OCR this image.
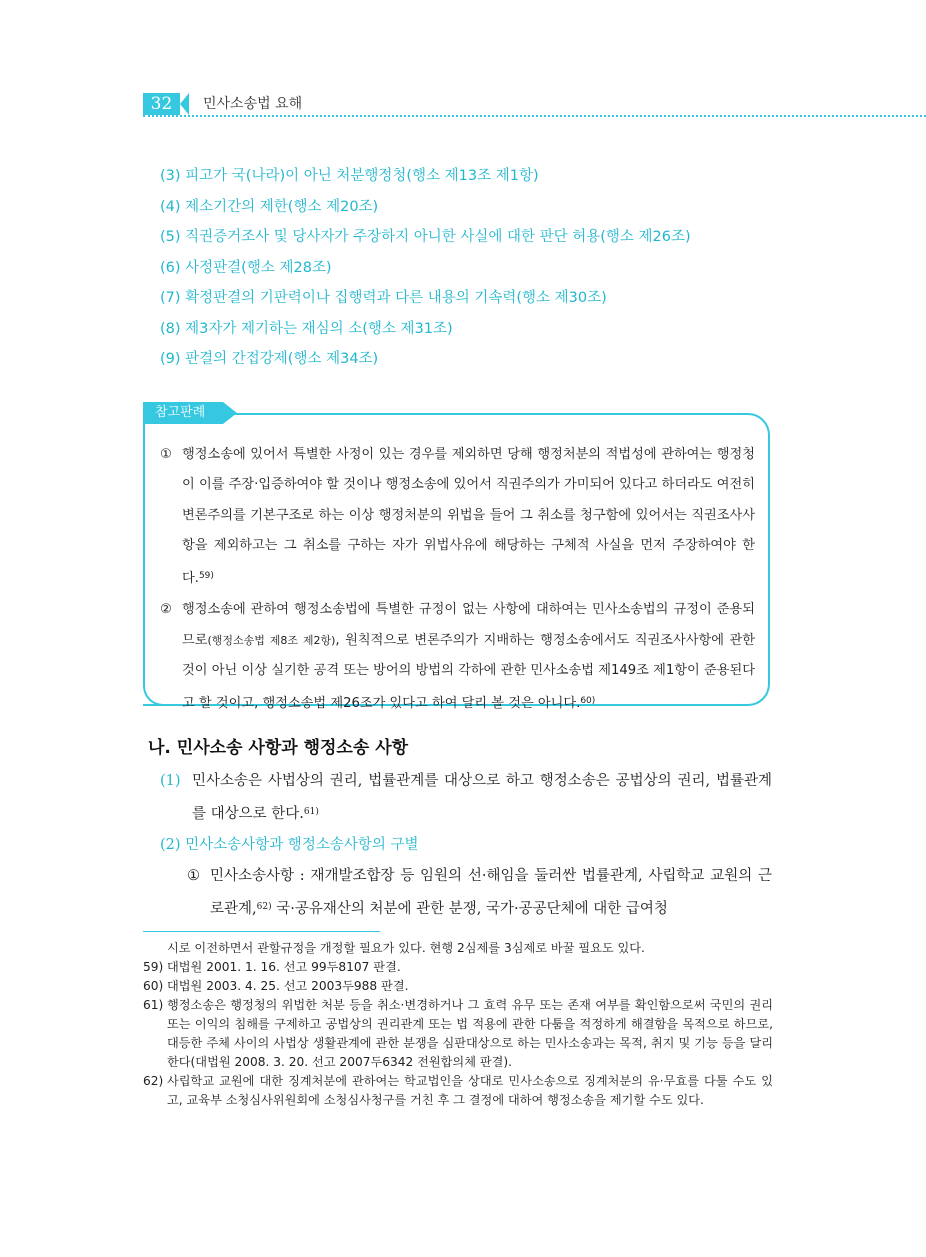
32	민사소송법 요해
(3) 피고가 국(나라)이 아닌 처분행정청(행소 제13조 제1항)
(4) 제소기간의 제한(행소 제20조)
(5) 직권증거조사 및 당사자가 주장하지 아니한 사실에 대한 판단 허용(행소 제26조)
(6) 사정판결(행소 제28조)
(7) 확정판결의 기판력이나 집행력과 다른 내용의 기속력(행소 제30조)
(8) 제3자가 제기하는 재심의 소(행소 제31조)
(9) 판결의 간접강제(행소 제34조)
참고판례
① 행정소송에 있어서 특별한 사정이 있는 경우를 제외하면 당해 행정처분의 적법성에 관하여는 행정청이 이를 주장·입증하여야 할 것이나 행정소송에 있어서 직권주의가 가미되어 있다고 하더라도 여전히 변론주의를 기본구조로 하는 이상 행정처분의 위법을 들어 그 취소를 청구함에 있어서는 직권조사사항을 제외하고는 그 취소를 구하는 자가 위법사유에 해당하는 구체적 사실을 먼저 주장하여야 한다.$^{59)}$
② 행정소송에 관하여 행정소송법에 특별한 규정이 없는 사항에 대하여는 민사소송법의 규정이 준용되므로(행정소송법 제8조 제2항), 원칙적으로 변론주의가 지배하는 행정소송에서도 직권조사사항에 관한 것이 아닌 이상 실기한 공격 또는 방어의 방법의 각하에 관한 민사소송법 제149조 제1항이 준용된다고 할 것이고, 행정소송법 제26조가 있다고 하여 달리 볼 것은 아니다.$^{60)}$
나. 민사소송 사항과 행정소송 사항
(1) 민사소송은 사법상의 권리, 법률관계를 대상으로 하고 행정소송은 공법상의 권리, 법률관계를 대상으로 한다.$^{61)}$
(2) 민사소송사항과 행정소송사항의 구별
① 민사소송사항 : 재개발조합장 등 임원의 선·해임을 둘러싼 법률관계, 사립학교 교원의 근로관계,$^{62)}$ 국·공유재산의 처분에 관한 분쟁, 국가·공공단체에 대한 급여청
시로 이전하면서 관할규정을 개정할 필요가 있다. 현행 2심제를 3심제로 바꿀 필요도 있다.
59) 대법원 2001. 1. 16. 선고 99두8107 판결.
60) 대법원 2003. 4. 25. 선고 2003두988 판결.
61) 행정소송은 행정청의 위법한 처분 등을 취소·변경하거나 그 효력 유무 또는 존재 여부를 확인함으로써 국민의 권리 또는 이익의 침해를 구제하고 공법상의 권리관계 또는 법 적용에 관한 다툼을 적정하게 해결함을 목적으로 하므로, 대등한 주체 사이의 사법상 생활관계에 관한 분쟁을 심판대상으로 하는 민사소송과는 목적, 취지 및 기능 등을 달리한다(대법원 2008. 3. 20. 선고 2007두6342 전원합의체 판결).
62) 사립학교 교원에 대한 징계처분에 관하여는 학교법인을 상대로 민사소송으로 징계처분의 유·무효를 다툴 수도 있고, 교육부 소청심사위원회에 소청심사청구를 거친 후 그 결정에 대하여 행정소송을 제기할 수도 있다.
